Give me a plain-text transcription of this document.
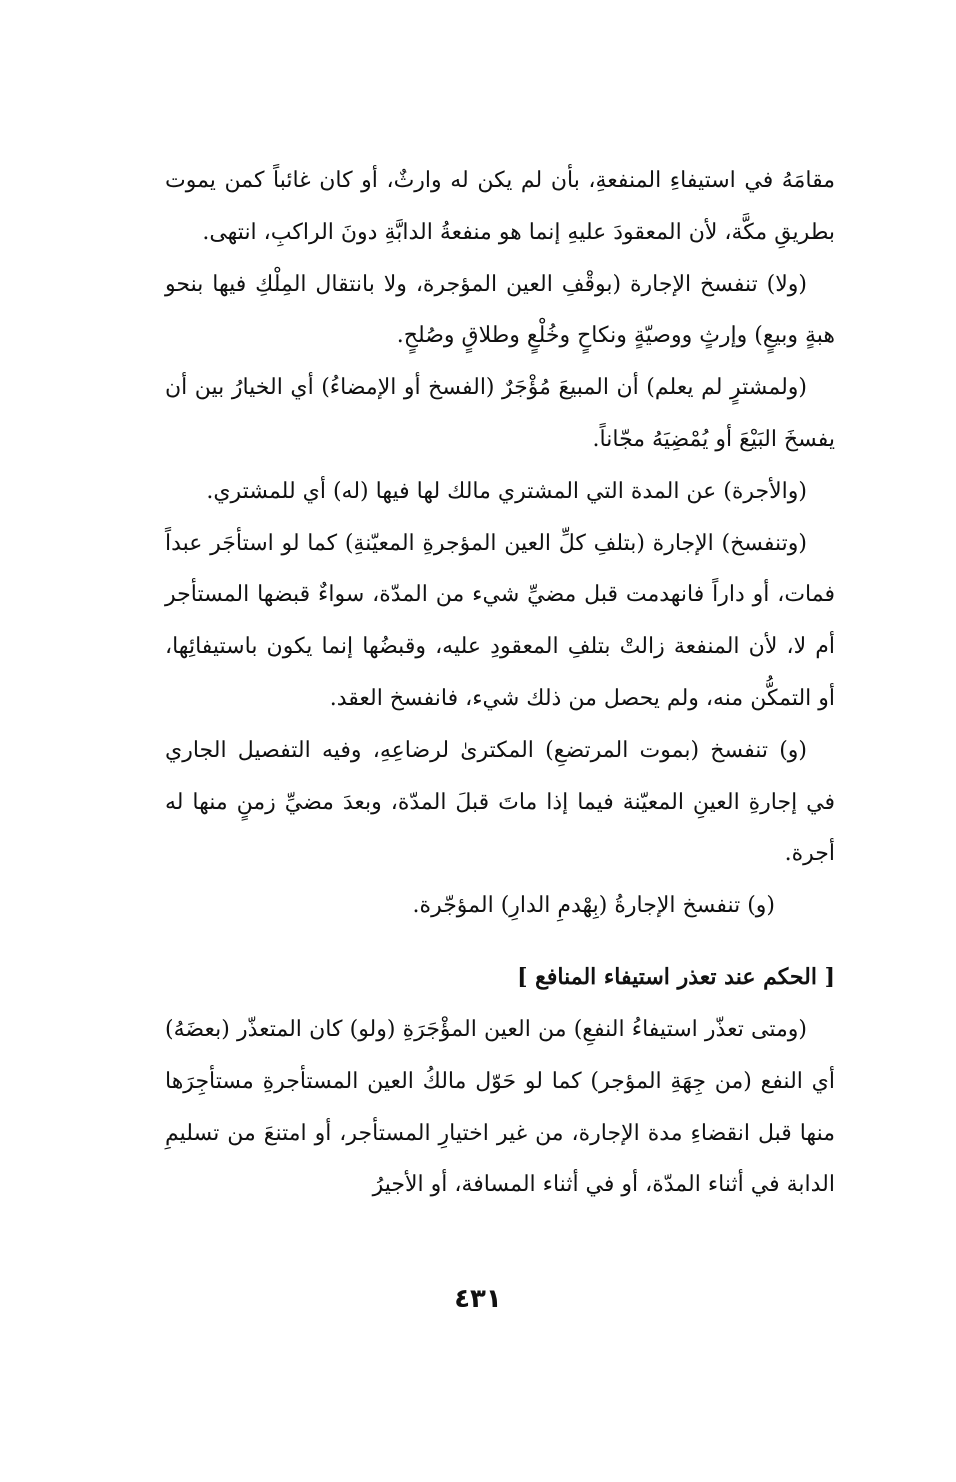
مقامَهُ في استيفاءِ المنفعةِ، بأن لم يكن له وارثٌ، أو كان غائباً كمن يموت بطريقِ مكَّة، لأن المعقودَ عليهِ إنما هو منفعةُ الدابَّةِ دونَ الراكبِ، انتهى.

(ولا) تنفسخ الإجارة (بوقْفِ العين المؤجرة، ولا بانتقال المِلْكِ فيها بنحو هبةٍ وبيعٍ) وإرثٍ ووصيّةٍ ونكاحٍ وخُلْعٍ وطلاقٍ وصُلحٍ.

(ولمشترٍ لم يعلم) أن المبيعَ مُؤْجَرٌ (الفسخ أو الإمضاءُ) أي الخيارُ بين أن يفسخَ البَيْعَ أو يُمْضِيَهُ مجّاناً.

(والأجرة) عن المدة التي المشتري مالك لها فيها (له) أي للمشتري.

(وتنفسخ) الإجارة (بتلفِ كلِّ العين المؤجرةِ المعيّنةِ) كما لو استأجَر عبداً فمات، أو داراً فانهدمت قبل مضيِّ شيء من المدّة، سواءٌ قبضها المستأجر أم لا، لأن المنفعة زالتْ بتلفِ المعقودِ عليه، وقبضُها إنما يكون باستيفائِها، أو التمكُّن منه، ولم يحصل من ذلك شيء، فانفسخ العقد.

(و) تنفسخ (بموت المرتضعِ) المكترىٰ لرضاعِهِ، وفيه التفصيل الجاري في إجارةِ العينِ المعيّنة فيما إذا ماتَ قبلَ المدّة، وبعدَ مضيِّ زمنٍ منها له أجرة.

(و) تنفسخ الإجارةُ (بِهْدمِ الدارِ) المؤجّرة.

[ الحكم عند تعذر استيفاء المنافع ]

(ومتى تعذّر استيفاءُ النفعِ) من العين المؤْجَرَةِ (ولو) كان المتعذّر (بعضَهُ) أي النفع (من جِهَةِ المؤجر) كما لو حَوّل مالكُ العين المستأجرةِ مستأجِرَها منها قبل انقضاءِ مدة الإجارة، من غير اختيارِ المستأجر، أو امتنعَ من تسليمِ الدابة في أثناء المدّة، أو في أثناء المسافة، أو الأجيرُ

٤٣١
